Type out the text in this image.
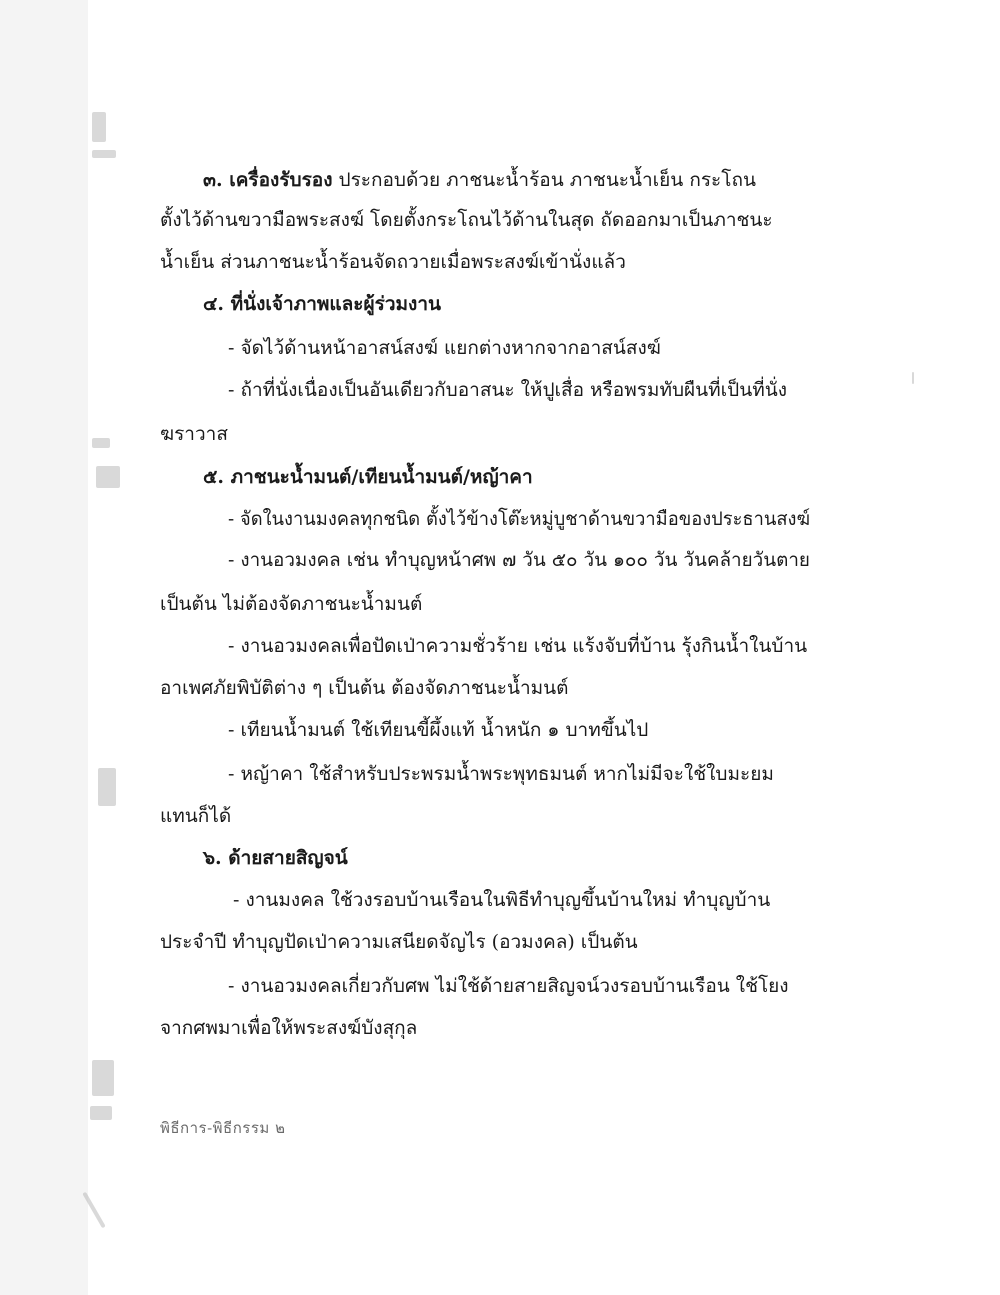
๓. เครื่องรับรอง ประกอบด้วย ภาชนะน้ำร้อน ภาชนะน้ำเย็น กระโถน
ตั้งไว้ด้านขวามือพระสงฆ์ โดยตั้งกระโถนไว้ด้านในสุด ถัดออกมาเป็นภาชนะ
น้ำเย็น ส่วนภาชนะน้ำร้อนจัดถวายเมื่อพระสงฆ์เข้านั่งแล้ว
๔. ที่นั่งเจ้าภาพและผู้ร่วมงาน
- จัดไว้ด้านหน้าอาสน์สงฆ์ แยกต่างหากจากอาสน์สงฆ์
- ถ้าที่นั่งเนื่องเป็นอันเดียวกับอาสนะ ให้ปูเสื่อ หรือพรมทับผืนที่เป็นที่นั่ง
ฆราวาส
๕. ภาชนะน้ำมนต์/เทียนน้ำมนต์/หญ้าคา
- จัดในงานมงคลทุกชนิด ตั้งไว้ข้างโต๊ะหมู่บูชาด้านขวามือของประธานสงฆ์
- งานอวมงคล เช่น ทำบุญหน้าศพ ๗ วัน ๕๐ วัน ๑๐๐ วัน วันคล้ายวันตาย
เป็นต้น ไม่ต้องจัดภาชนะน้ำมนต์
- งานอวมงคลเพื่อปัดเป่าความชั่วร้าย เช่น แร้งจับที่บ้าน รุ้งกินน้ำในบ้าน
อาเพศภัยพิบัติต่าง ๆ เป็นต้น ต้องจัดภาชนะน้ำมนต์
- เทียนน้ำมนต์ ใช้เทียนขี้ผึ้งแท้ น้ำหนัก ๑ บาทขึ้นไป
- หญ้าคา ใช้สำหรับประพรมน้ำพระพุทธมนต์ หากไม่มีจะใช้ใบมะยม
แทนก็ได้
๖. ด้ายสายสิญจน์
- งานมงคล ใช้วงรอบบ้านเรือนในพิธีทำบุญขึ้นบ้านใหม่ ทำบุญบ้าน
ประจำปี ทำบุญปัดเป่าความเสนียดจัญไร (อวมงคล) เป็นต้น
- งานอวมงคลเกี่ยวกับศพ ไม่ใช้ด้ายสายสิญจน์วงรอบบ้านเรือน ใช้โยง
จากศพมาเพื่อให้พระสงฆ์บังสุกุล
พิธีการ-พิธีกรรม ๒
